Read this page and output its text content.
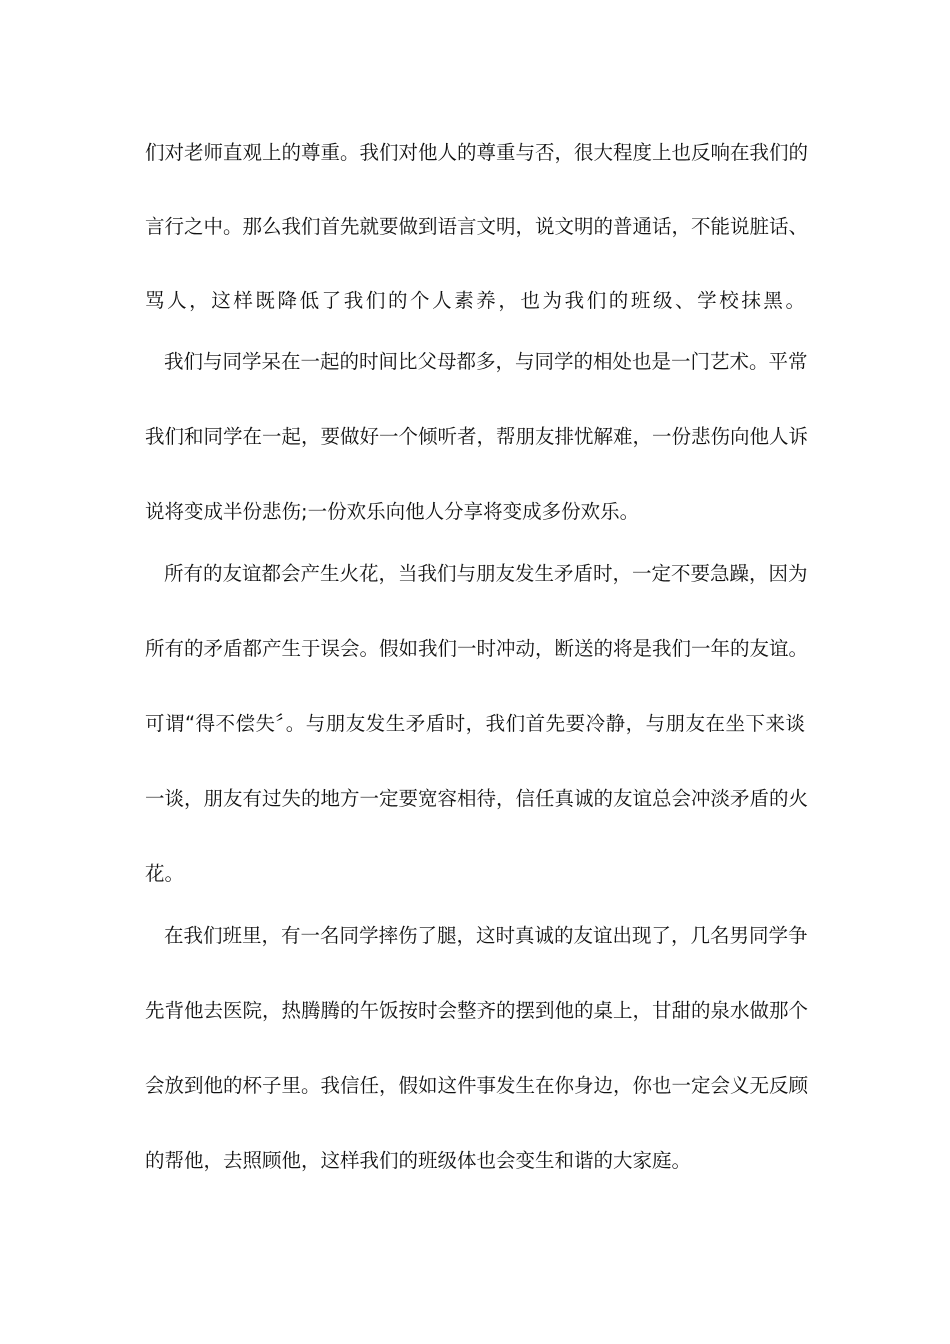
们对老师直观上的尊重。我们对他人的尊重与否，很大程度上也反响在我们的
言行之中。那么我们首先就要做到语言文明，说文明的普通话，不能说脏话、
骂人，这样既降低了我们的个人素养，也为我们的班级、学校抹黑。
我们与同学呆在一起的时间比父母都多，与同学的相处也是一门艺术。平常
我们和同学在一起，要做好一个倾听者，帮朋友排忧解难，一份悲伤向他人诉
说将变成半份悲伤;一份欢乐向他人分享将变成多份欢乐。
所有的友谊都会产生火花，当我们与朋友发生矛盾时，一定不要急躁，因为
所有的矛盾都产生于误会。假如我们一时冲动，断送的将是我们一年的友谊。
可谓“得不偿失〞。与朋友发生矛盾时，我们首先要冷静，与朋友在坐下来谈
一谈，朋友有过失的地方一定要宽容相待，信任真诚的友谊总会冲淡矛盾的火
花。
在我们班里，有一名同学摔伤了腿，这时真诚的友谊出现了，几名男同学争
先背他去医院，热腾腾的午饭按时会整齐的摆到他的桌上，甘甜的泉水做那个
会放到他的杯子里。我信任，假如这件事发生在你身边，你也一定会义无反顾
的帮他，去照顾他，这样我们的班级体也会变生和谐的大家庭。
